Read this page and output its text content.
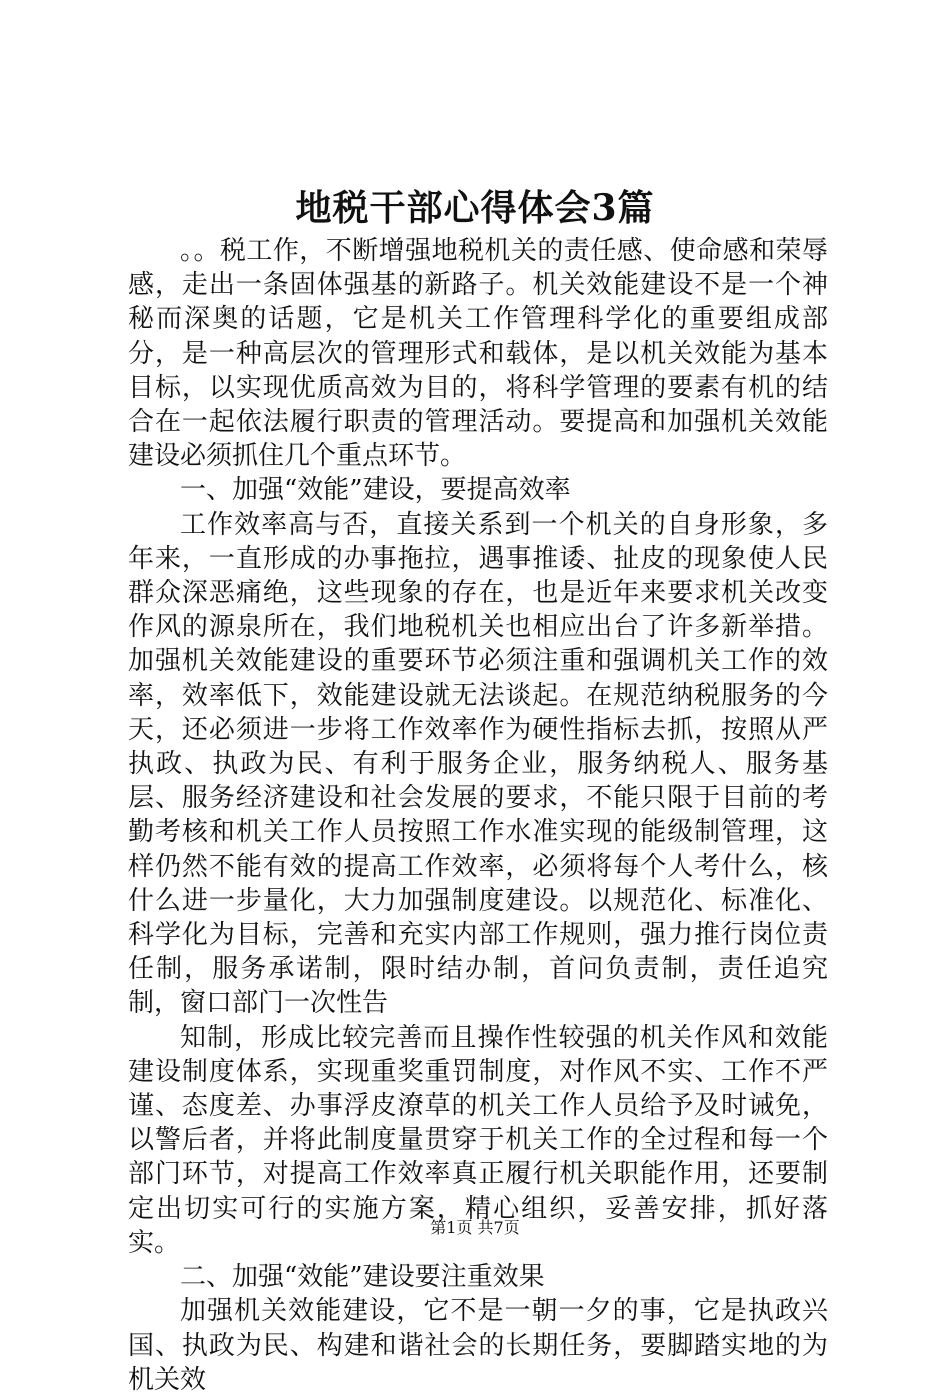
地税干部心得体会3篇

。。税工作，不断增强地税机关的责任感、使命感和荣辱感，走出一条固体强基的新路子。机关效能建设不是一个神秘而深奥的话题，它是机关工作管理科学化的重要组成部分，是一种高层次的管理形式和载体，是以机关效能为基本目标，以实现优质高效为目的，将科学管理的要素有机的结合在一起依法履行职责的管理活动。要提高和加强机关效能建设必须抓住几个重点环节。

一、加强“效能”建设，要提高效率

工作效率高与否，直接关系到一个机关的自身形象，多年来，一直形成的办事拖拉，遇事推诿、扯皮的现象使人民群众深恶痛绝，这些现象的存在，也是近年来要求机关改变作风的源泉所在，我们地税机关也相应出台了许多新举措。加强机关效能建设的重要环节必须注重和强调机关工作的效率，效率低下，效能建设就无法谈起。在规范纳税服务的今天，还必须进一步将工作效率作为硬性指标去抓，按照从严执政、执政为民、有利于服务企业，服务纳税人、服务基层、服务经济建设和社会发展的要求，不能只限于目前的考勤考核和机关工作人员按照工作水准实现的能级制管理，这样仍然不能有效的提高工作效率，必须将每个人考什么，核什么进一步量化，大力加强制度建设。以规范化、标准化、科学化为目标，完善和充实内部工作规则，强力推行岗位责任制，服务承诺制，限时结办制，首问负责制，责任追究制，窗口部门一次性告

知制，形成比较完善而且操作性较强的机关作风和效能建设制度体系，实现重奖重罚制度，对作风不实、工作不严谨、态度差、办事浮皮潦草的机关工作人员给予及时诫免，以警后者，并将此制度量贯穿于机关工作的全过程和每一个部门环节，对提高工作效率真正履行机关职能作用，还要制定出切实可行的实施方案，精心组织，妥善安排，抓好落实。

二、加强“效能”建设要注重效果

加强机关效能建设，它不是一朝一夕的事，它是执政兴国、执政为民、构建和谐社会的长期任务，要脚踏实地的为机关效

第1页 共7页
